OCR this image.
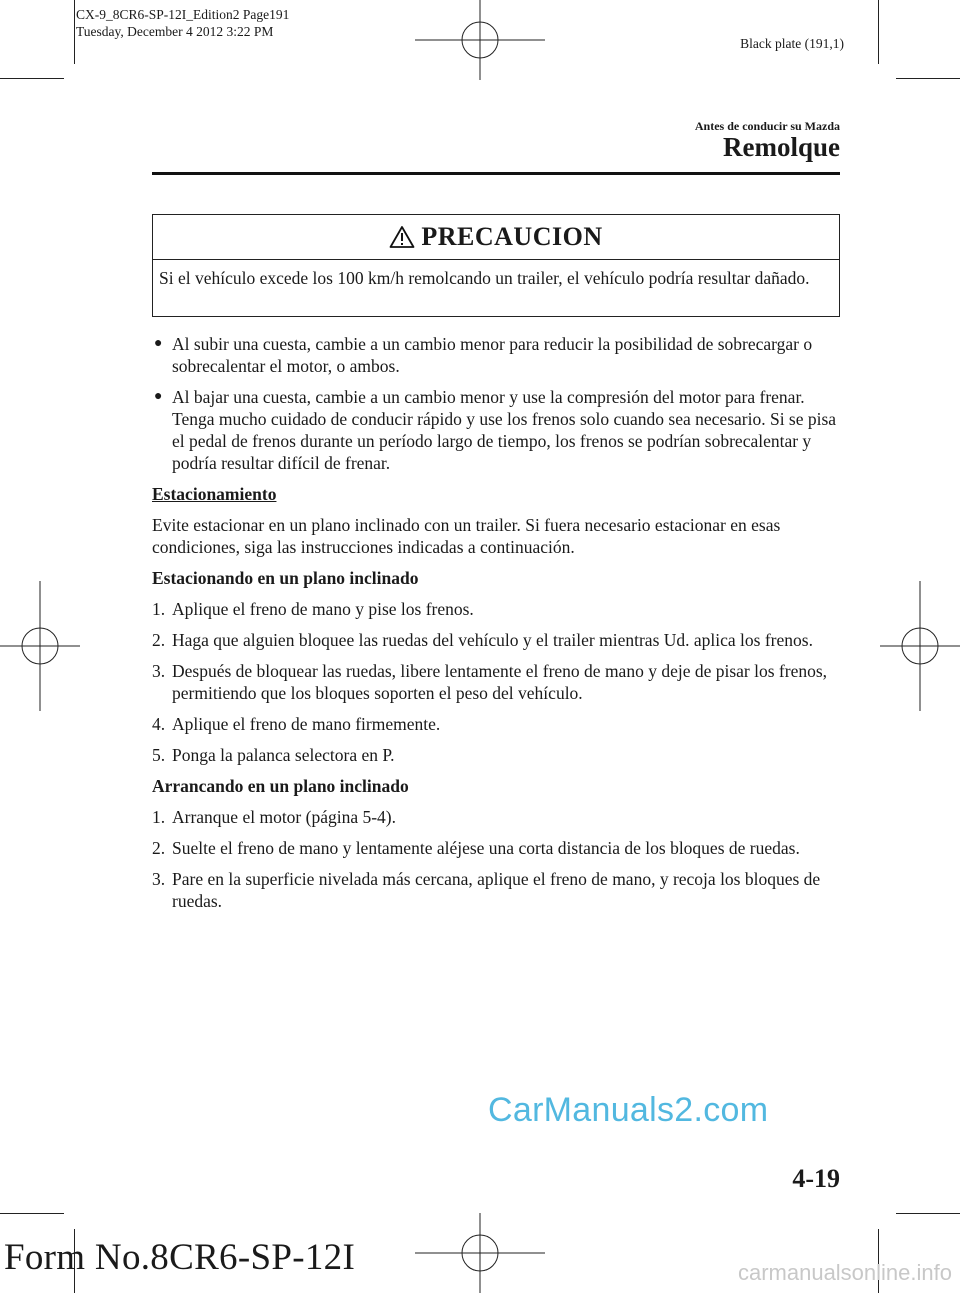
CX-9_8CR6-SP-12I_Edition2 Page191
Tuesday, December 4 2012 3:22 PM
Black plate (191,1)
Antes de conducir su Mazda
Remolque
PRECAUCION
Si el vehículo excede los 100 km/h remolcando un trailer, el vehículo podría resultar dañado.
● Al subir una cuesta, cambie a un cambio menor para reducir la posibilidad de sobrecargar o sobrecalentar el motor, o ambos.
● Al bajar una cuesta, cambie a un cambio menor y use la compresión del motor para frenar. Tenga mucho cuidado de conducir rápido y use los frenos solo cuando sea necesario. Si se pisa el pedal de frenos durante un período largo de tiempo, los frenos se podrían sobrecalentar y podría resultar difícil de frenar.
Estacionamiento
Evite estacionar en un plano inclinado con un trailer. Si fuera necesario estacionar en esas condiciones, siga las instrucciones indicadas a continuación.
Estacionando en un plano inclinado
1. Aplique el freno de mano y pise los frenos.
2. Haga que alguien bloquee las ruedas del vehículo y el trailer mientras Ud. aplica los frenos.
3. Después de bloquear las ruedas, libere lentamente el freno de mano y deje de pisar los frenos, permitiendo que los bloques soporten el peso del vehículo.
4. Aplique el freno de mano firmemente.
5. Ponga la palanca selectora en P.
Arrancando en un plano inclinado
1. Arranque el motor (página 5-4).
2. Suelte el freno de mano y lentamente aléjese una corta distancia de los bloques de ruedas.
3. Pare en la superficie nivelada más cercana, aplique el freno de mano, y recoja los bloques de ruedas.
CarManuals2.com
4-19
Form No.8CR6-SP-12I	carmanualsonline.info
